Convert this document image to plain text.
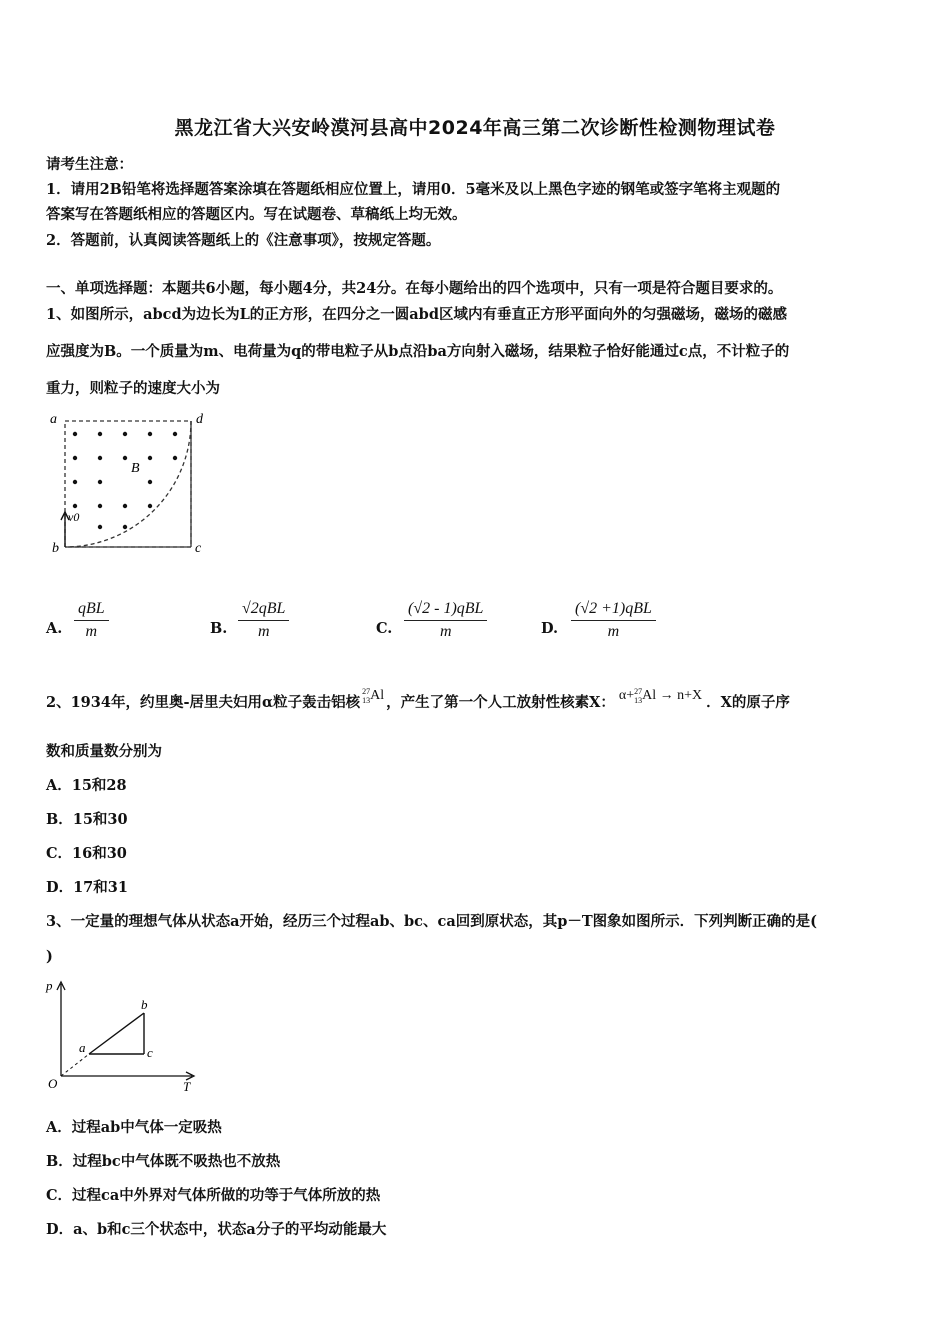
黑龙江省大兴安岭漠河县高中2024年高三第二次诊断性检测物理试卷
请考生注意：
1．请用2B铅笔将选择题答案涂填在答题纸相应位置上，请用0．5毫米及以上黑色字迹的钢笔或签字笔将主观题的
答案写在答题纸相应的答题区内。写在试题卷、草稿纸上均无效。
2．答题前，认真阅读答题纸上的《注意事项》，按规定答题。
一、单项选择题：本题共6小题，每小题4分，共24分。在每小题给出的四个选项中，只有一项是符合题目要求的。
1、如图所示，abcd为边长为L的正方形，在四分之一圆abd区域内有垂直正方形平面向外的匀强磁场，磁场的磁感
应强度为B。一个质量为m、电荷量为q的带电粒子从b点沿ba方向射入磁场，结果粒子恰好能通过c点，不计粒子的
重力，则粒子的速度大小为
a	d
b	c
B
v0
A.
qBL
m	B.
√2qBL
m	C.
(√2 - 1)qBL
m	D.
(√2 +1)qBL
m
2、1934年，约里奥-居里夫妇用α粒子轰击铝核27
13Al ，产生了第一个人工放射性核素X： α+27
13Al → n+X ．X的原子序
数和质量数分别为
A．15和28
B．15和30
C．16和30
D．17和31
3、一定量的理想气体从状态a开始，经历三个过程ab、bc、ca回到原状态，其p－T图象如图所示．下列判断正确的是(
)
p
T
O
a
b
c
A．过程ab中气体一定吸热
B．过程bc中气体既不吸热也不放热
C．过程ca中外界对气体所做的功等于气体所放的热
D．a、b和c三个状态中，状态a分子的平均动能最大
